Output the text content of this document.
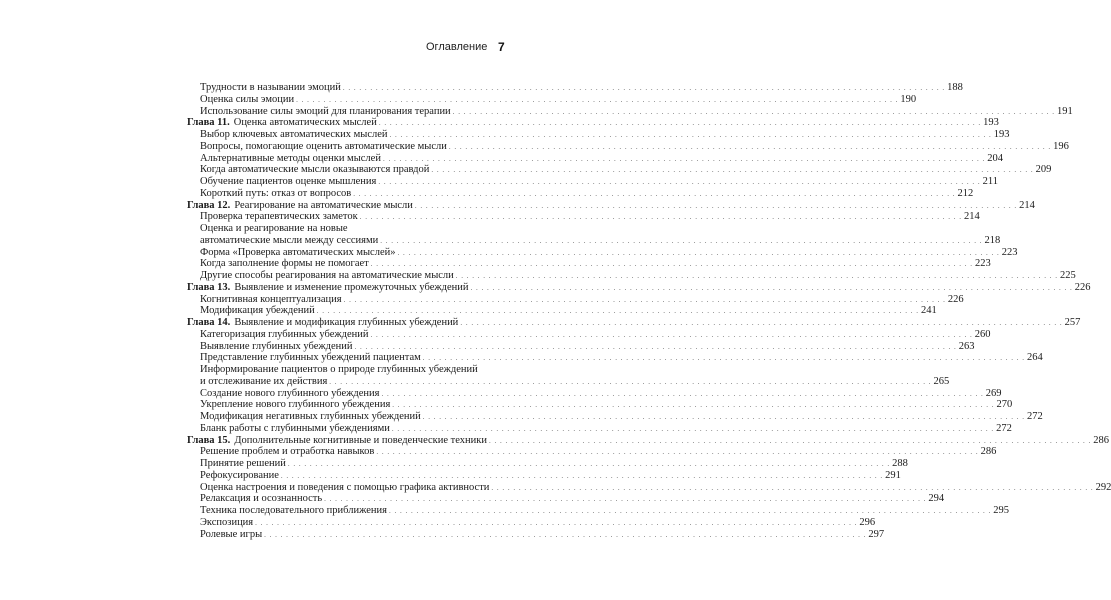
Оглавление 7
Трудности в назывании эмоций . . .	188
Оценка силы эмоции . . .	190
Использование силы эмоций для планирования терапии . . .	191
Глава 11. Оценка автоматических мыслей . . .	193
Выбор ключевых автоматических мыслей . . .	193
Вопросы, помогающие оценить автоматические мысли . . .	196
Альтернативные методы оценки мыслей . . .	204
Когда автоматические мысли оказываются правдой . . .	209
Обучение пациентов оценке мышления . . .	211
Короткий путь: отказ от вопросов . . .	212
Глава 12. Реагирование на автоматические мысли . . .	214
Проверка терапевтических заметок . . .	214
Оценка и реагирование на новые
автоматические мысли между сессиями . . .	218
Форма «Проверка автоматических мыслей» . . .	223
Когда заполнение формы не помогает . . .	223
Другие способы реагирования на автоматические мысли . . .	225
Глава 13. Выявление и изменение промежуточных убеждений . . .	226
Когнитивная концептуализация . . .	226
Модификация убеждений . . .	241
Глава 14. Выявление и модификация глубинных убеждений . . .	257
Категоризация глубинных убеждений . . .	260
Выявление глубинных убеждений . . .	263
Представление глубинных убеждений пациентам . . .	264
Информирование пациентов о природе глубинных убеждений
и отслеживание их действия . . .	265
Создание нового глубинного убеждения . . .	269
Укрепление нового глубинного убеждения . . .	270
Модификация негативных глубинных убеждений . . .	272
Бланк работы с глубинными убеждениями . . .	272
Глава 15. Дополнительные когнитивные и поведенческие техники . . .	286
Решение проблем и отработка навыков . . .	286
Принятие решений . . .	288
Рефокусирование . . .	291
Оценка настроения и поведения с помощью графика активности . . .	292
Релаксация и осознанность . . .	294
Техника последовательного приближения . . .	295
Экспозиция . . .	296
Ролевые игры . . .	297
